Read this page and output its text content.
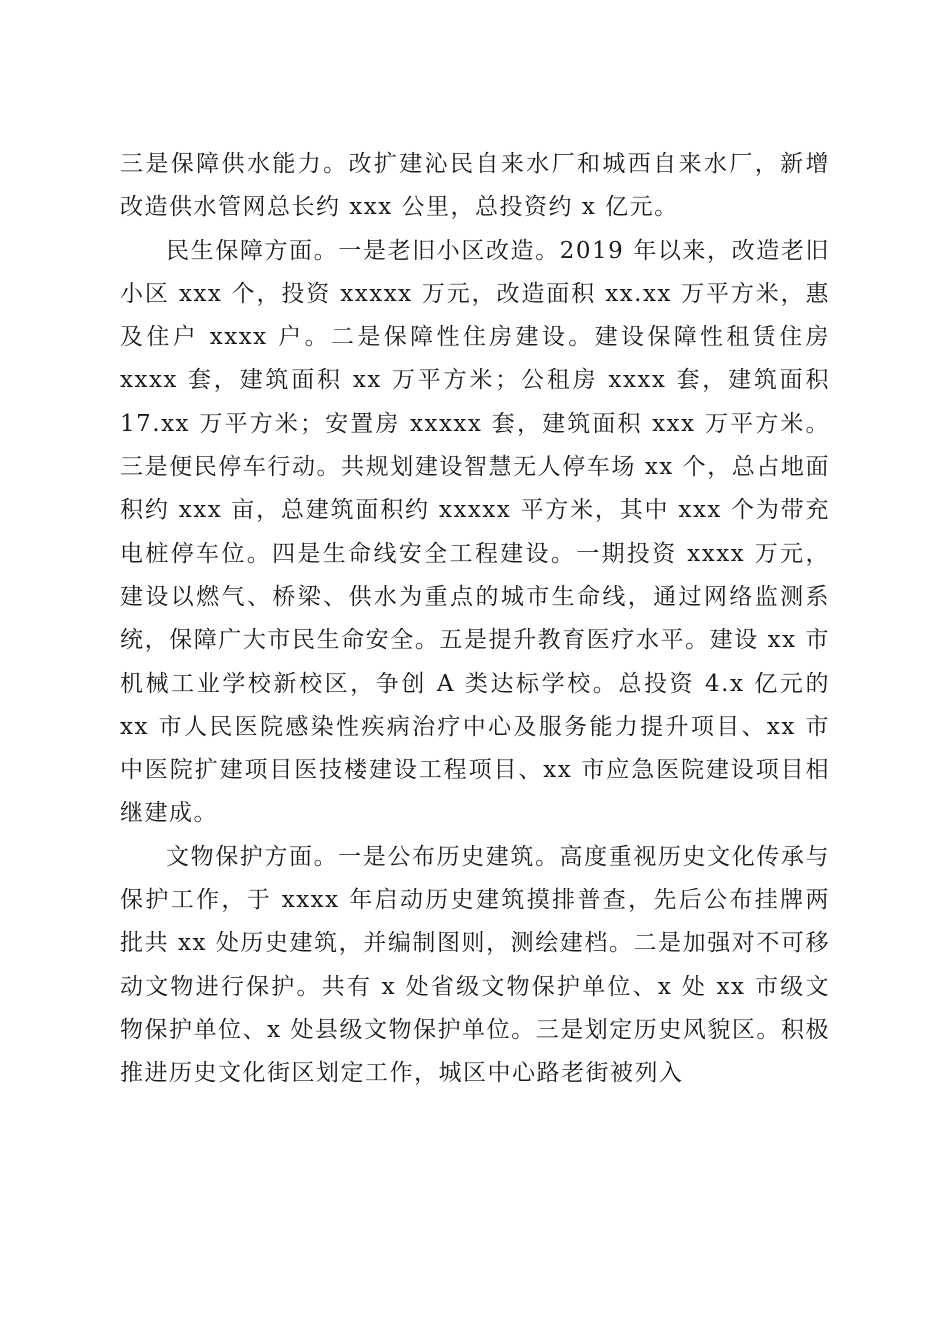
三是保障供水能力。改扩建沁民自来水厂和城西自来水厂，新增改造供水管网总长约 xxx 公里，总投资约 x 亿元。

民生保障方面。一是老旧小区改造。2019 年以来，改造老旧小区 xxx 个，投资 xxxxx 万元，改造面积 xx.xx 万平方米，惠及住户 xxxx 户。二是保障性住房建设。建设保障性租赁住房 xxxx 套，建筑面积 xx 万平方米；公租房 xxxx 套，建筑面积 17.xx 万平方米；安置房 xxxxx 套，建筑面积 xxx 万平方米。三是便民停车行动。共规划建设智慧无人停车场 xx 个，总占地面积约 xxx 亩，总建筑面积约 xxxxx 平方米，其中 xxx 个为带充电桩停车位。四是生命线安全工程建设。一期投资 xxxx 万元，建设以燃气、桥梁、供水为重点的城市生命线，通过网络监测系统，保障广大市民生命安全。五是提升教育医疗水平。建设 xx 市机械工业学校新校区，争创 A 类达标学校。总投资 4.x 亿元的 xx 市人民医院感染性疾病治疗中心及服务能力提升项目、xx 市中医院扩建项目医技楼建设工程项目、xx 市应急医院建设项目相继建成。

文物保护方面。一是公布历史建筑。高度重视历史文化传承与保护工作，于 xxxx 年启动历史建筑摸排普查，先后公布挂牌两批共 xx 处历史建筑，并编制图则，测绘建档。二是加强对不可移动文物进行保护。共有 x 处省级文物保护单位、x 处 xx 市级文物保护单位、x 处县级文物保护单位。三是划定历史风貌区。积极推进历史文化街区划定工作，城区中心路老街被列入
